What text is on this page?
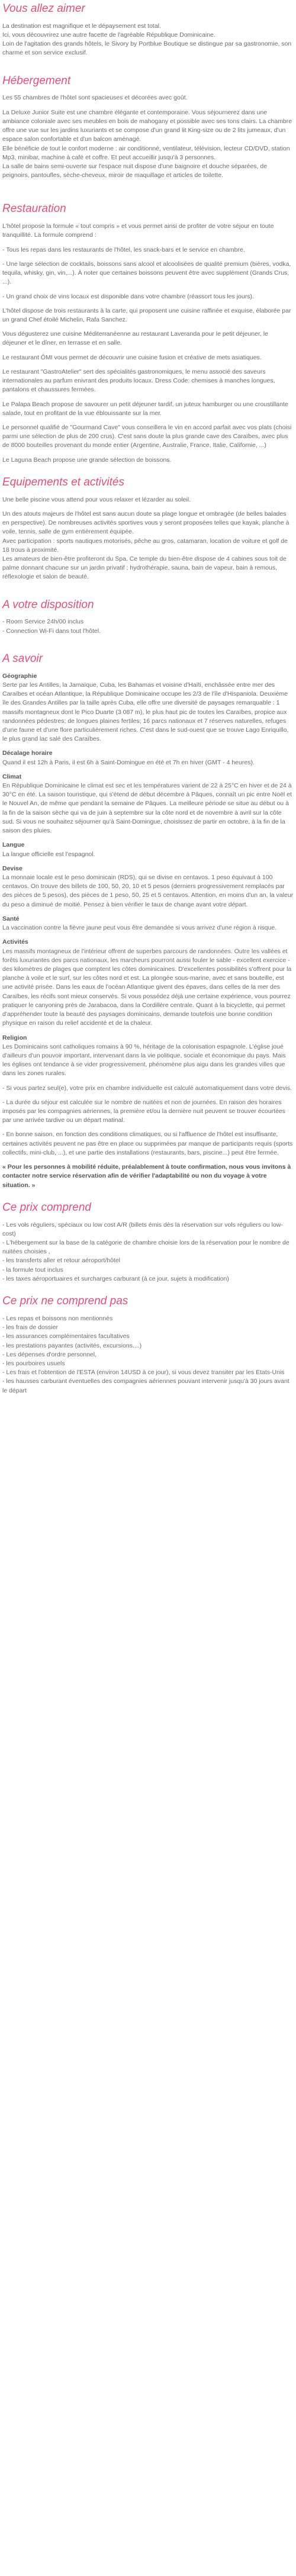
Vous allez aimer
La destination est magnifique et le dépaysement est total.
Ici, vous découvrirez une autre facette de l'agréable République Dominicaine.
Loin de l'agitation des grands hôtels, le Sivory by Portblue Boutique se distingue par sa gastronomie, son charme et son service exclusif.
Hébergement

Les 55 chambres de l'hôtel sont spacieuses et décorées avec goût.

La Deluxe Junior Suite est une chambre élégante et contemporaine. Vous séjournerez dans une ambiance coloniale avec ses meubles en bois de mahogany et possible avec ses tons clairs. La chambre offre une vue sur les jardins luxuriants et se compose d'un grand lit King-size ou de 2 lits jumeaux, d'un espace salon confortable et d'un balcon aménagé.
Elle bénéficie de tout le confort moderne : air conditionné, ventilateur, télévision, lecteur CD/DVD, station Mp3, minibar, machine à café et coffre. Et peut accueillir jusqu'à 3 personnes.
La salle de bains semi-ouverte sur l'espace nuit dispose d'une baignoire et douche séparées, de peignoirs, pantoufles, sèche-cheveux, miroir de maquillage et articles de toilette.
Restauration

L'hôtel propose la formule « tout compris » et vous permet ainsi de profiter de votre séjour en toute tranquillité. La formule comprend :

- Tous les repas dans les restaurants de l'hôtel, les snack-bars et le service en chambre.

- Une large sélection de cocktails, boissons sans alcool et alcoolisées de qualité premium (bières, vodka, tequila, whisky, gin, vin,...). À noter que certaines boissons peuvent être avec supplément (Grands Crus, ...).

- Un grand choix de vins locaux est disponible dans votre chambre (réassort tous les jours).

L'hôtel dispose de trois restaurants à la carte, qui proposent une cuisine raffinée et exquise, élaborée par un grand Chef étoilé Michelin, Rafa Sanchez.

Vous dégusterez une cuisine Méditerranéenne au restaurant Laveranda pour le petit déjeuner, le déjeuner et le dîner, en terrasse et en salle.

Le restaurant ÔMI vous permet de découvrir une cuisine fusion et créative de mets asiatiques.

Le restaurant "GastroAtelier" sert des spécialités gastronomiques, le menu associé des saveurs internationales au parfum enivrant des produits locaux. Dress Code: chemises à manches longues, pantalons et chaussures fermées.

Le Palapa Beach propose de savourer un petit déjeuner tardif, un juteux hamburger ou une croustillante salade, tout en profitant de la vue éblouissante sur la mer.

Le personnel qualifié de "Gourmand Cave" vous conseillera le vin en accord parfait avec vos plats (choisi parmi une sélection de plus de 200 crus). C'est sans doute la plus grande cave des Caraïbes, avec plus de 8000 bouteilles provenant du monde entier (Argentine, Australie, France, Italie, Californie, ...)

Le Laguna Beach propose une grande sélection de boissons.

Equipements et activités

Une belle piscine vous attend pour vous relaxer et lézarder au soleil.

Un des atouts majeurs de l'hôtel est sans aucun doute sa plage longue et ombragée (de belles balades en perspective). De nombreuses activités sportives vous y seront proposées telles que kayak, planche à voile, tennis, salle de gym entièrement équipée.
Avec participation : sports nautiques motorisés, pêche au gros, catamaran, location de voiture et golf de 18 trous à proximité.
Les amateurs de bien-être profiteront du Spa. Ce temple du bien-être dispose de 4 cabines sous toit de palme donnant chacune sur un jardin privatif ; hydrothérapie, sauna, bain de vapeur, bain à remous, réflexologie et salon de beauté.
A votre disposition
- Room Service 24h/00 inclus
- Connection Wi-Fi dans tout l'hôtel.
A savoir
Géographie

Serte par les Antilles, la Jamaïque, Cuba, les Bahamas et voisine d'Haïti, enchâssée entre mer des Caraïbes et océan Atlantique, la République Dominicaine occupe les 2/3 de l'île d'Hispaniola. Deuxième île des Grandes Antilles par la taille après Cuba, elle offre une diversité de paysages remarquable : 1 massifs montagneux dont le Pico Duarte (3 087 m), le plus haut pic de toutes les Caraïbes, propice aux randonnées pédestres; de longues plaines fertiles; 16 parcs nationaux et 7 réserves naturelles, refuges d'une faune et d'une flore particulièrement riches. C'est dans le sud-ouest que se trouve Lago Enriquillo, le plus grand lac salé des Caraïbes.

Décalage horaire

Quand il est 12h à Paris, il est 6h à Saint-Domingue en été et 7h en hiver (GMT - 4 heures).

Climat

En République Dominicaine le climat est sec et les températures varient de 22 à 25°C en hiver et de 24 à 30°C en été. La saison touristique, qui s'étend de début décembre à Pâques, connaît un pic entre Noël et le Nouvel An, de même que pendant la semaine de Pâques. La meilleure période se situe au début ou à la fin de la saison sèche qui va de juin à septembre sur la côte nord et de novembre à avril sur la côte sud. Si vous ne souhaitez séjourner qu'à Saint-Domingue, choisissez de partir en octobre, à la fin de la saison des pluies.

Langue

La langue officielle est l'espagnol.

Devise

La monnaie locale est le peso dominicain (RDS), qui se divise en centavos. 1 peso équivaut à 100 centavos. On trouve des billets de 100, 50, 20, 10 et 5 pesos (derniers progressivement remplacés par des pièces de 5 pesos), des pièces de 1 peso, 50, 25 et 5 centavos. Attention, en moins d'un an, la valeur du peso a diminué de moitié. Pensez à bien vérifier le taux de change avant votre départ.

Santé

La vaccination contre la fièvre jaune peut vous être demandée si vous arrivez d'une région à risque.

Activités

Les massifs montagneux de l'intérieur offrent de superbes parcours de randonnées. Outre les vallées et forêts luxuriantes des parcs nationaux, les marcheurs pourront aussi fouler le sable - excellent exercice - des kilomètres de plages que comptent les côtes dominicaines. D'excellentes possibilités s'offrent pour la planche à voile et le surf, sur les côtes nord et est. La plongée sous-marine, avec et sans bouteille, est une activité prisée. Dans les eaux de l'océan Atlantique givent des épaves, dans celles de la mer des Caraïbes, les récifs sont mieux conservés. Si vous possédez déjà une certaine expérience, vous pourrez pratiquer le canyoning près de Jarabacoa, dans la Cordillère centrale. Quant à la bicyclette, qui permet d'appréhender toute la beauté des paysages dominicains, demande toutefois une bonne condition physique en raison du relief accidenté et de la chaleur.

Religion

Les Dominicains sont catholiques romains à 90 %, héritage de la colonisation espagnole. L'église joué d'ailleurs d'un pouvoir important, intervenant dans la vie politique, sociale et économique du pays. Mais les églises ont tendance à se vider progressivement, phénomène plus aigu dans les grandes villes que dans les zones rurales.

- Si vous partez seul(e), votre prix en chambre individuelle est calculé automatiquement dans votre devis.

- La durée du séjour est calculée sur le nombre de nuitées et non de journées. En raison des horaires imposés par les compagnies aériennes, la première et/ou la dernière nuit peuvent se trouver écourtées par une arrivée tardive ou un départ matinal.

- En bonne saison, en fonction des conditions climatiques, ou si l'affluence de l'hôtel est insuffisante, certaines activités peuvent ne pas être en place ou supprimées par manque de participants requis (sports collectifs, mini-club, ...), et une partie des installations (restaurants, bars, piscine...) peut être fermée.

« Pour les personnes à mobilité réduite, préalablement à toute confirmation, nous vous invitons à contacter notre service réservation afin de vérifier l'adaptabilité ou non du voyage à votre situation. »

Ce prix comprend
- Les vols réguliers, spéciaux ou low cost A/R (billets émis dès la réservation sur vols réguliers ou low-cost)
- L'hébergement sur la base de la catégorie de chambre choisie lors de la réservation pour le nombre de nuitées choisies ,
- les transferts aller et retour aéroport/hôtel
- la formule tout inclus
- les taxes aéroportuaires et surcharges carburant (à ce jour, sujets à modification)
Ce prix ne comprend pas
- Les repas et boissons non mentionnés
- les frais de dossier
- les assurances complémentaires facultatives
- les prestations payantes (activités, excursions....)
- Les dépenses d'ordre personnel,
- les pourboires usuels
- Les frais et l'obtention de l'ESTA (environ 14USD à ce jour), si vous devez transiter par les Etats-Unis
- les hausses carburant éventuelles des compagnies aériennes pouvant intervenir jusqu'à 30 jours avant le départ
